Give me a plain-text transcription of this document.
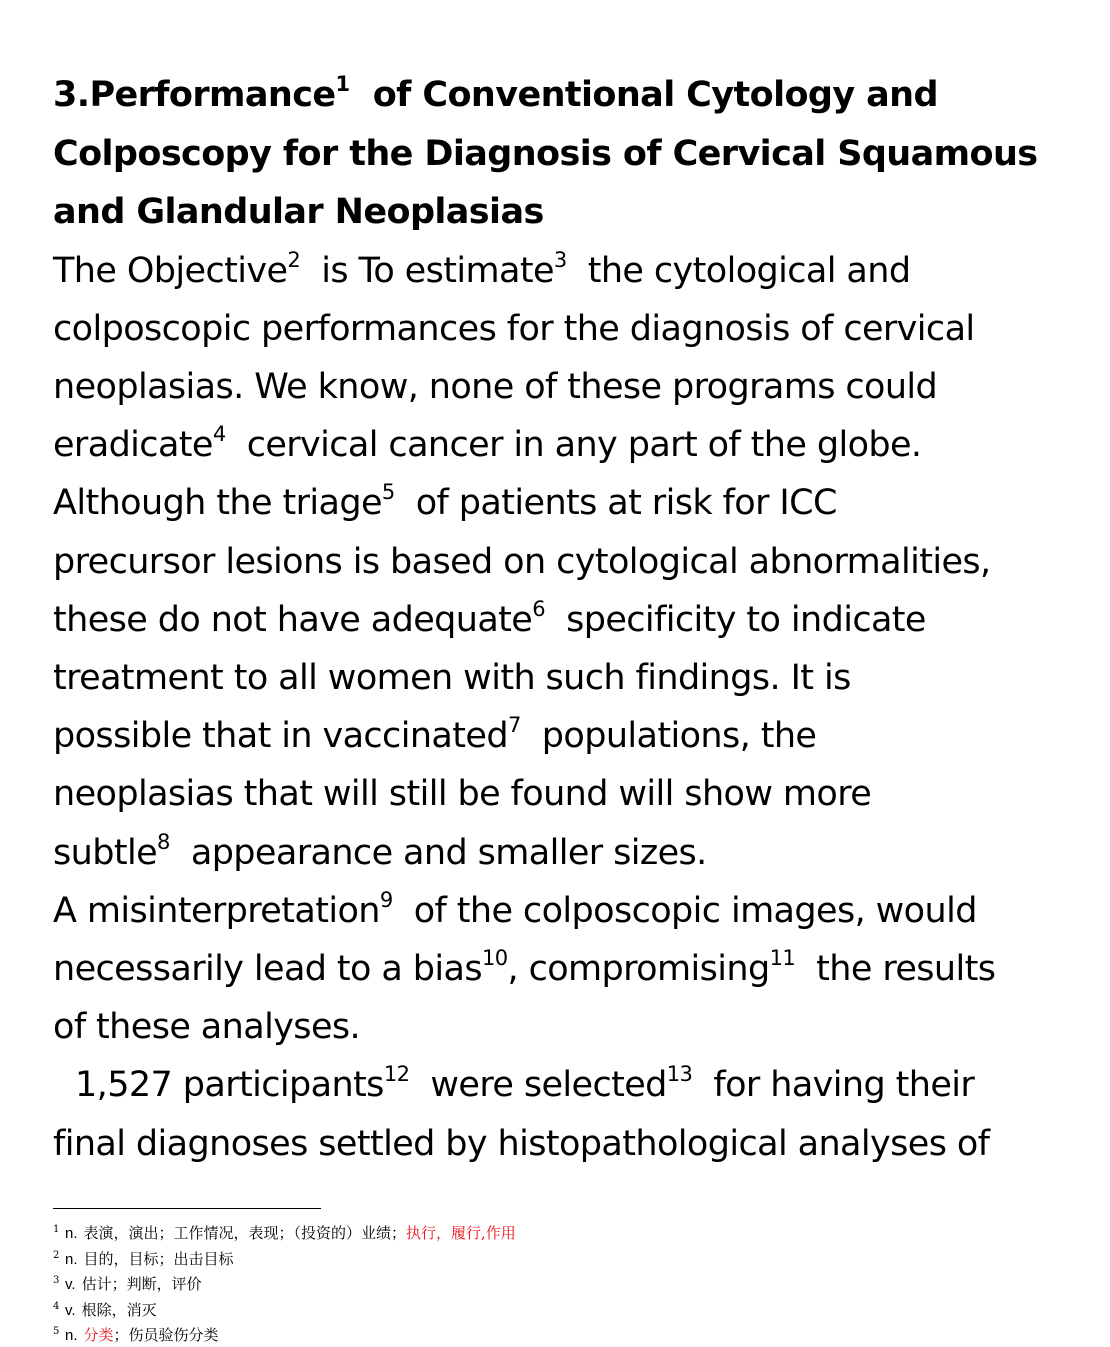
3.Performance$^1$ of Conventional Cytology and
Colposcopy for the Diagnosis of Cervical Squamous
and Glandular Neoplasias
The Objective$^2$ is To estimate$^3$ the cytological and
colposcopic performances for the diagnosis of cervical
neoplasias. We know, none of these programs could
eradicate$^4$ cervical cancer in any part of the globe.
Although the triage$^5$ of patients at risk for ICC
precursor lesions is based on cytological abnormalities,
these do not have adequate$^6$ specificity to indicate
treatment to all women with such findings. It is
possible that in vaccinated$^7$ populations, the
neoplasias that will still be found will show more
subtle$^8$ appearance and smaller sizes.
A misinterpretation$^9$ of the colposcopic images, would
necessarily lead to a bias$^{10}$, compromising$^{11}$ the results
of these analyses.
1,527 participants$^{12}$ were selected$^{13}$ for having their
final diagnoses settled by histopathological analyses of
1 n. 表演，演出；工作情况，表现；（投资的）业绩；执行，履行,作用
2 n. 目的，目标；出击目标
3 v. 估计；判断，评价
4 v. 根除，消灭
5 n. 分类；伤员验伤分类
